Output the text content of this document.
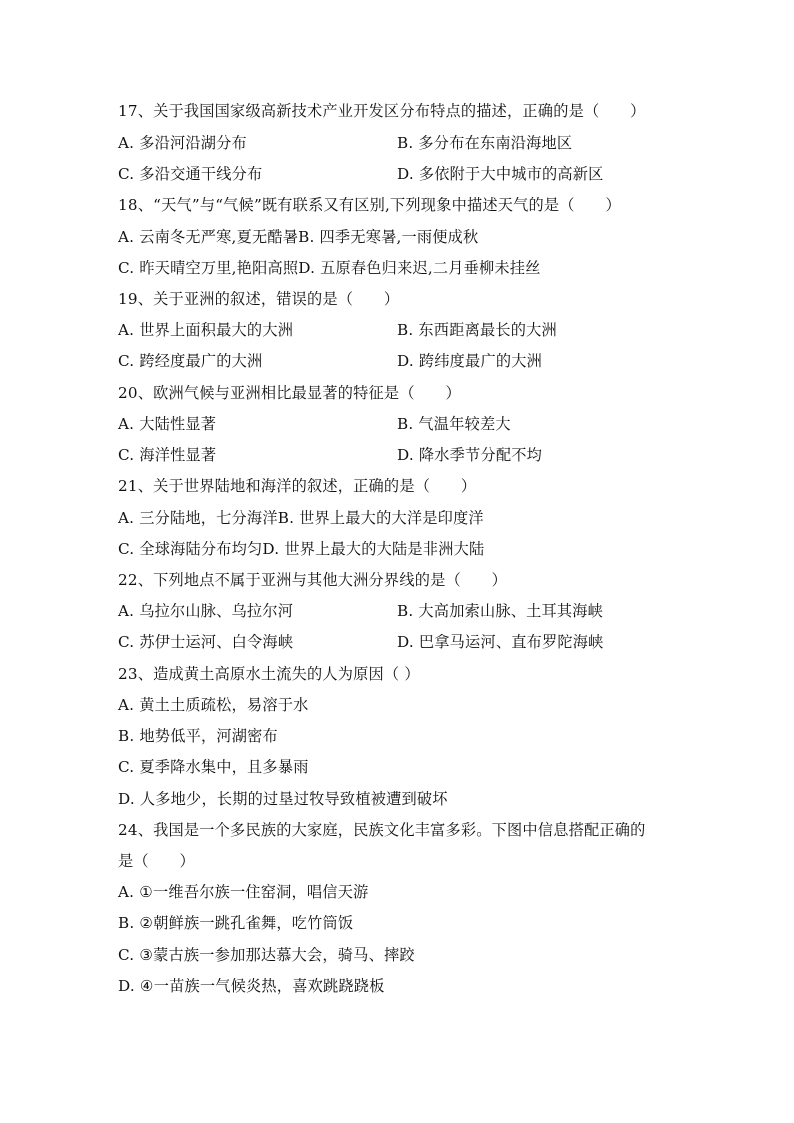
17、关于我国国家级高新技术产业开发区分布特点的描述，正确的是（　　）
A. 多沿河沿湖分布	B. 多分布在东南沿海地区
C. 多沿交通干线分布	D. 多依附于大中城市的高新区
18、“天气”与“气候”既有联系又有区别,下列现象中描述天气的是（　　）
A. 云南冬无严寒,夏无酷暑B. 四季无寒暑,一雨便成秋
C. 昨天晴空万里,艳阳高照D. 五原春色归来迟,二月垂柳未挂丝
19、关于亚洲的叙述，错误的是（　　）
A. 世界上面积最大的大洲	B. 东西距离最长的大洲
C. 跨经度最广的大洲	D. 跨纬度最广的大洲
20、欧洲气候与亚洲相比最显著的特征是（　　）
A. 大陆性显著	B. 气温年较差大
C. 海洋性显著	D. 降水季节分配不均
21、关于世界陆地和海洋的叙述，正确的是（　　）
A. 三分陆地，七分海洋B. 世界上最大的大洋是印度洋
C. 全球海陆分布均匀D. 世界上最大的大陆是非洲大陆
22、下列地点不属于亚洲与其他大洲分界线的是（　　）
A. 乌拉尔山脉、乌拉尔河	B. 大高加索山脉、土耳其海峡
C. 苏伊士运河、白令海峡	D. 巴拿马运河、直布罗陀海峡
23、造成黄土高原水土流失的人为原因（ ）
A. 黄土土质疏松，易溶于水
B. 地势低平，河湖密布
C. 夏季降水集中，且多暴雨
D. 人多地少，长期的过垦过牧导致植被遭到破坏
24、我国是一个多民族的大家庭，民族文化丰富多彩。下图中信息搭配正确的
是（　　）
A. ①一维吾尔族一住窑洞，唱信天游
B. ②朝鲜族一跳孔雀舞，吃竹筒饭
C. ③蒙古族一参加那达慕大会，骑马、摔跤
D. ④一苗族一气候炎热，喜欢跳跷跷板
